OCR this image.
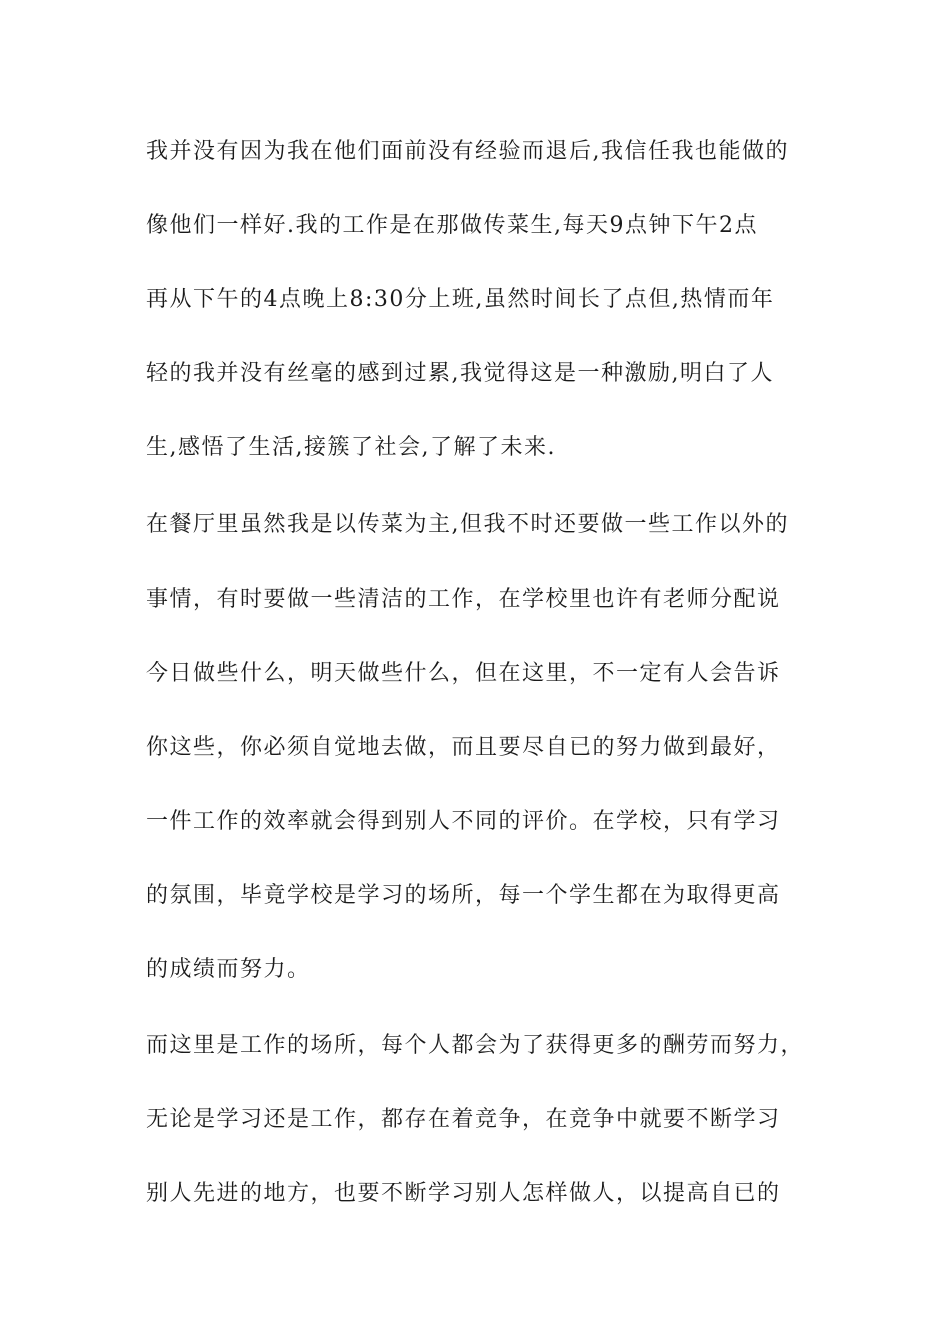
我并没有因为我在他们面前没有经验而退后,我信任我也能做的
像他们一样好.我的工作是在那做传菜生,每天9点钟下午2点
再从下午的4点晚上8:30分上班,虽然时间长了点但,热情而年
轻的我并没有丝毫的感到过累,我觉得这是一种激励,明白了人
生,感悟了生活,接簇了社会,了解了未来.
在餐厅里虽然我是以传菜为主,但我不时还要做一些工作以外的
事情，有时要做一些清洁的工作，在学校里也许有老师分配说
今日做些什么，明天做些什么，但在这里，不一定有人会告诉
你这些，你必须自觉地去做，而且要尽自已的努力做到最好，
一件工作的效率就会得到别人不同的评价。在学校，只有学习
的氛围，毕竟学校是学习的场所，每一个学生都在为取得更高
的成绩而努力。
而这里是工作的场所，每个人都会为了获得更多的酬劳而努力，
无论是学习还是工作，都存在着竞争，在竞争中就要不断学习
别人先进的地方，也要不断学习别人怎样做人，以提高自已的
